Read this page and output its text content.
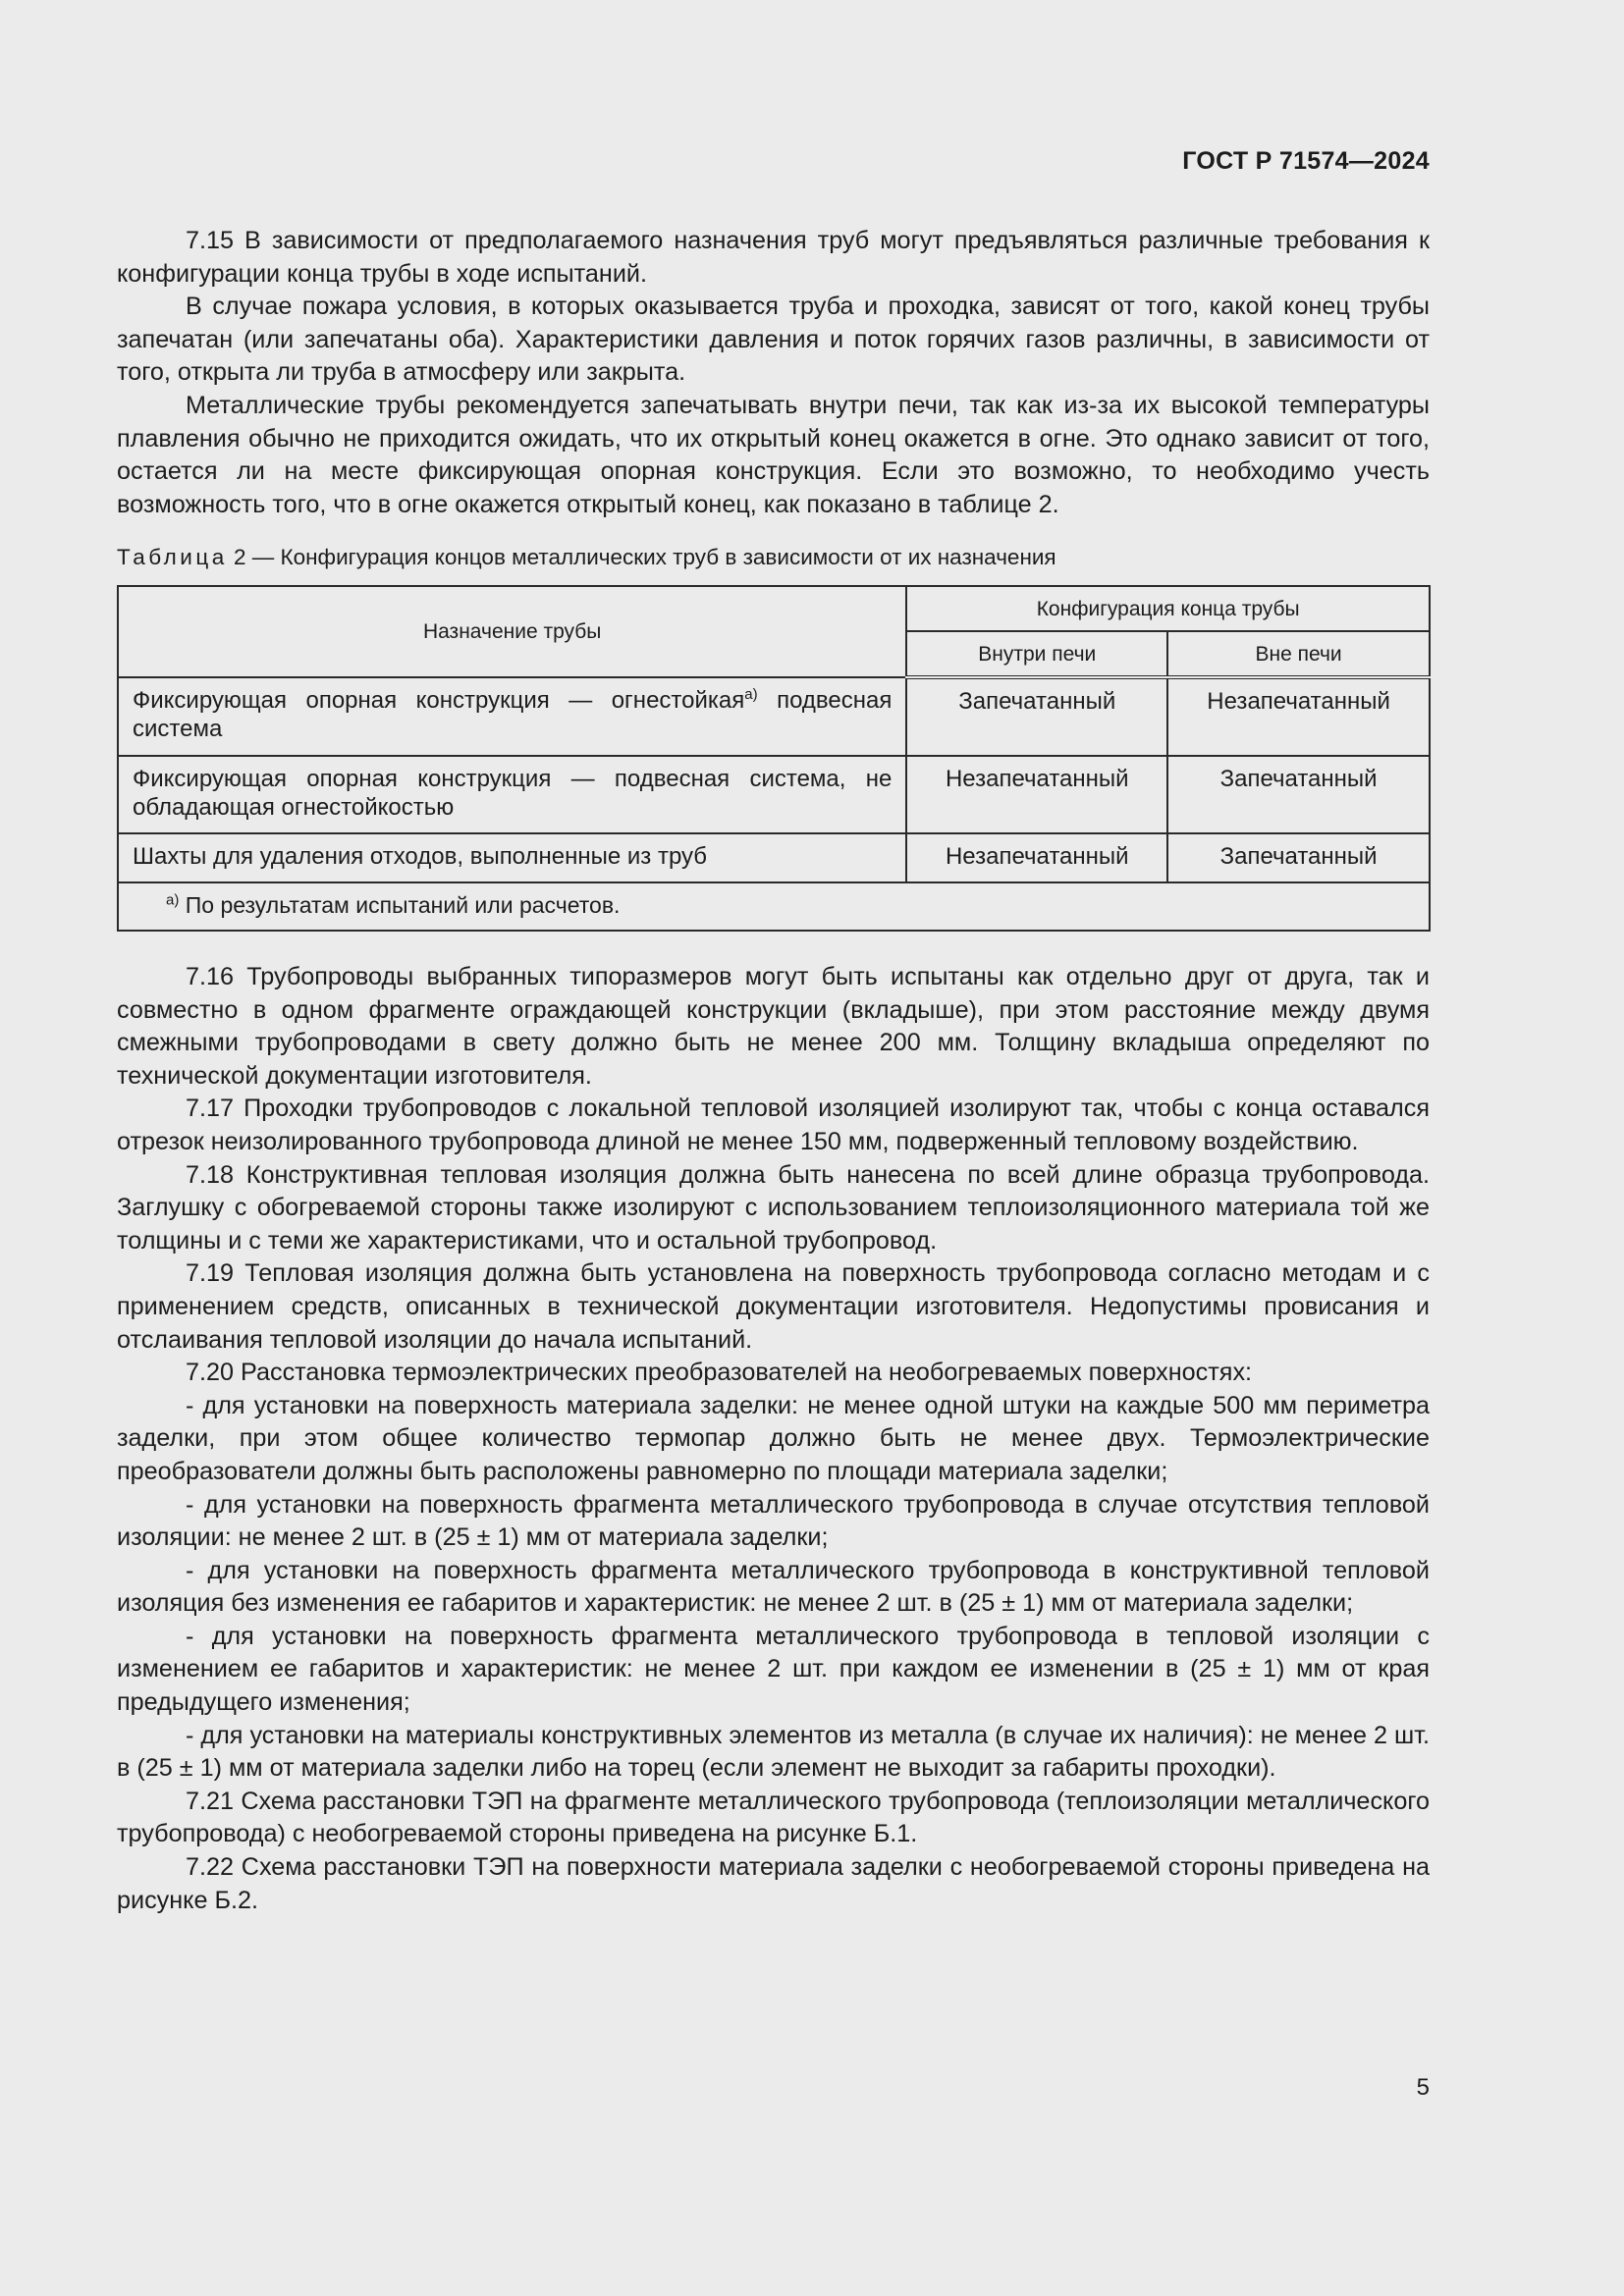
ГОСТ Р 71574—2024

7.15 В зависимости от предполагаемого назначения труб могут предъявляться различные требования к конфигурации конца трубы в ходе испытаний.

В случае пожара условия, в которых оказывается труба и проходка, зависят от того, какой конец трубы запечатан (или запечатаны оба). Характеристики давления и поток горячих газов различны, в зависимости от того, открыта ли труба в атмосферу или закрыта.

Металлические трубы рекомендуется запечатывать внутри печи, так как из-за их высокой температуры плавления обычно не приходится ожидать, что их открытый конец окажется в огне. Это однако зависит от того, остается ли на месте фиксирующая опорная конструкция. Если это возможно, то необходимо учесть возможность того, что в огне окажется открытый конец, как показано в таблице 2.

Таблица 2 — Конфигурация концов металлических труб в зависимости от их назначения
Назначение трубы	Конфигурация конца трубы	
	Внутри печи	Вне печи
Фиксирующая опорная конструкция — огнестойкая$^{а)}$ подвесная система	Запечатанный	Незапечатанный
Фиксирующая опорная конструкция — подвесная система, не обладающая огнестойкостью	Незапечатанный	Запечатанный
Шахты для удаления отходов, выполненные из труб	Незапечатанный	Запечатанный
$^{а)}$ По результатам испытаний или расчетов.		

7.16 Трубопроводы выбранных типоразмеров могут быть испытаны как отдельно друг от друга, так и совместно в одном фрагменте ограждающей конструкции (вкладыше), при этом расстояние между двумя смежными трубопроводами в свету должно быть не менее 200 мм. Толщину вкладыша определяют по технической документации изготовителя.

7.17 Проходки трубопроводов с локальной тепловой изоляцией изолируют так, чтобы с конца оставался отрезок неизолированного трубопровода длиной не менее 150 мм, подверженный тепловому воздействию.

7.18 Конструктивная тепловая изоляция должна быть нанесена по всей длине образца трубопровода. Заглушку с обогреваемой стороны также изолируют с использованием теплоизоляционного материала той же толщины и с теми же характеристиками, что и остальной трубопровод.

7.19 Тепловая изоляция должна быть установлена на поверхность трубопровода согласно методам и с применением средств, описанных в технической документации изготовителя. Недопустимы провисания и отслаивания тепловой изоляции до начала испытаний.

7.20 Расстановка термоэлектрических преобразователей на необогреваемых поверхностях:

- для установки на поверхность материала заделки: не менее одной штуки на каждые 500 мм периметра заделки, при этом общее количество термопар должно быть не менее двух. Термоэлектрические преобразователи должны быть расположены равномерно по площади материала заделки;

- для установки на поверхность фрагмента металлического трубопровода в случае отсутствия тепловой изоляции: не менее 2 шт. в (25 ± 1) мм от материала заделки;

- для установки на поверхность фрагмента металлического трубопровода в конструктивной тепловой изоляция без изменения ее габаритов и характеристик: не менее 2 шт. в (25 ± 1) мм от материала заделки;

- для установки на поверхность фрагмента металлического трубопровода в тепловой изоляции с изменением ее габаритов и характеристик: не менее 2 шт. при каждом ее изменении в (25 ± 1) мм от края предыдущего изменения;

- для установки на материалы конструктивных элементов из металла (в случае их наличия): не менее 2 шт. в (25 ± 1) мм от материала заделки либо на торец (если элемент не выходит за габариты проходки).

7.21 Схема расстановки ТЭП на фрагменте металлического трубопровода (теплоизоляции металлического трубопровода) с необогреваемой стороны приведена на рисунке Б.1.

7.22 Схема расстановки ТЭП на поверхности материала заделки с необогреваемой стороны приведена на рисунке Б.2.

5
